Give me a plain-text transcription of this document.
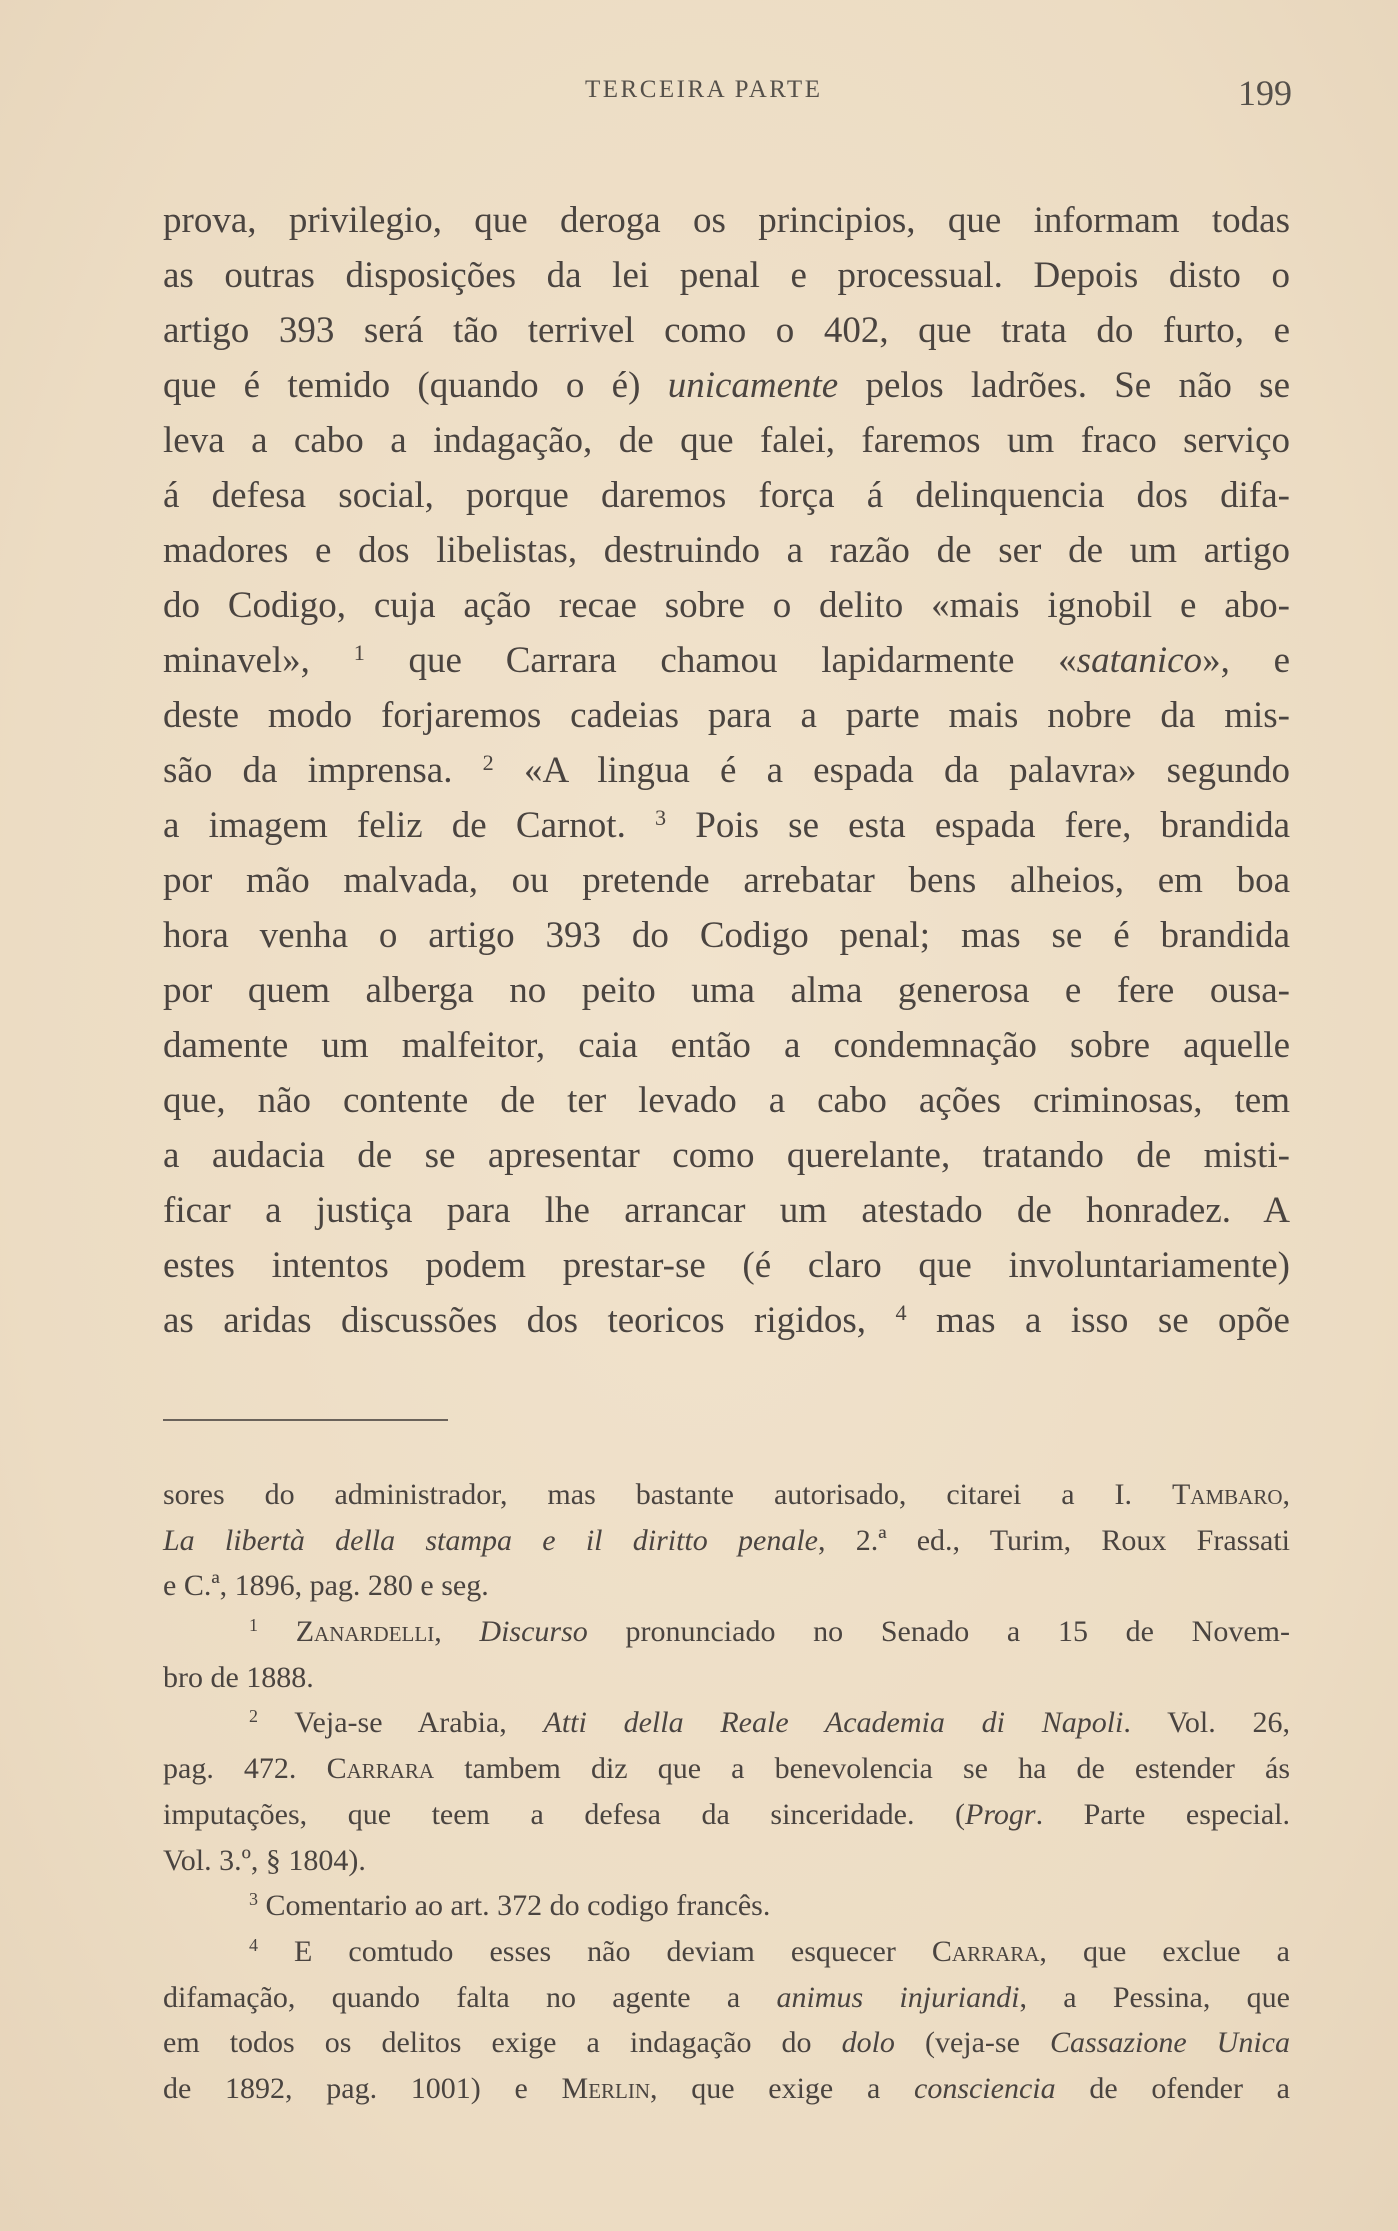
TERCEIRA PARTE	199
prova, privilegio, que deroga os principios, que informam todas
as outras disposições da lei penal e processual. Depois disto o
artigo 393 será tão terrivel como o 402, que trata do furto, e
que é temido (quando o é) unicamente pelos ladrões. Se não se
leva a cabo a indagação, de que falei, faremos um fraco serviço
á defesa social, porque daremos força á delinquencia dos difa-
madores e dos libelistas, destruindo a razão de ser de um artigo
do Codigo, cuja ação recae sobre o delito «mais ignobil e abo-
minavel», $^1$ que Carrara chamou lapidarmente «satanico», e
deste modo forjaremos cadeias para a parte mais nobre da mis-
são da imprensa. $^2$ «A lingua é a espada da palavra» segundo
a imagem feliz de Carnot. $^3$ Pois se esta espada fere, brandida
por mão malvada, ou pretende arrebatar bens alheios, em boa
hora venha o artigo 393 do Codigo penal; mas se é brandida
por quem alberga no peito uma alma generosa e fere ousa-
damente um malfeitor, caia então a condemnação sobre aquelle
que, não contente de ter levado a cabo ações criminosas, tem
a audacia de se apresentar como querelante, tratando de misti-
ficar a justiça para lhe arrancar um atestado de honradez. A
estes intentos podem prestar-se (é claro que involuntariamente)
as aridas discussões dos teoricos rigidos, $^4$ mas a isso se opõe
sores do administrador, mas bastante autorisado, citarei a I. Tambaro,
La libertà della stampa e il diritto penale, 2.ª ed., Turim, Roux Frassati
e C.ª, 1896, pag. 280 e seg.
$^1$ Zanardelli, Discurso pronunciado no Senado a 15 de Novem-
bro de 1888.
$^2$ Veja-se Arabia, Atti della Reale Academia di Napoli. Vol. 26,
pag. 472. Carrara tambem diz que a benevolencia se ha de estender ás
imputações, que teem a defesa da sinceridade. (Progr. Parte especial.
Vol. 3.º, § 1804).
$^3$ Comentario ao art. 372 do codigo francês.
$^4$ E comtudo esses não deviam esquecer Carrara, que exclue a
difamação, quando falta no agente a animus injuriandi, a Pessina, que
em todos os delitos exige a indagação do dolo (veja-se Cassazione Unica
de 1892, pag. 1001) e Merlin, que exige a consciencia de ofender a
